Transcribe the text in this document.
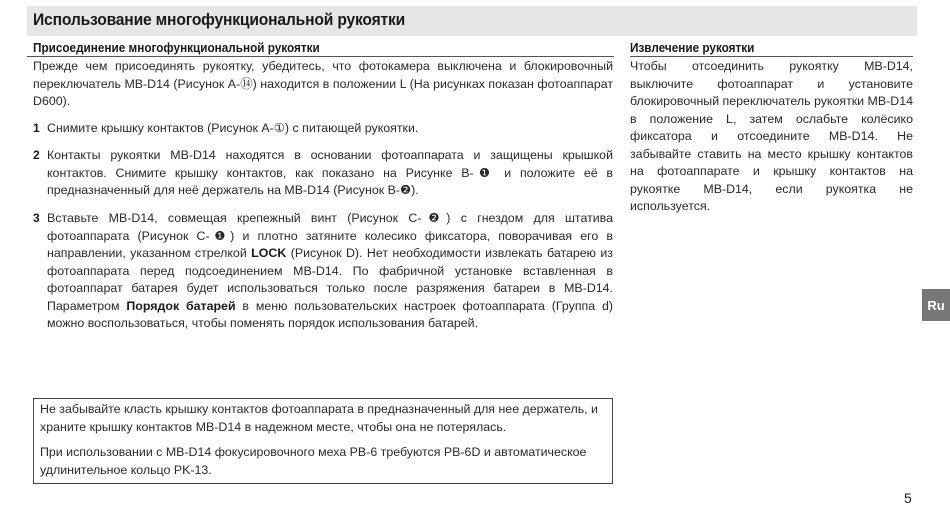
Использование многофункциональной рукоятки
Присоединение многофункциональной рукоятки

Прежде чем присоединять рукоятку, убедитесь, что фотокамера выключена и блокировочный переключатель MB-D14 (Рисунок A-⑭) находится в положении L (На рисунках показан фотоаппарат D600).

1 Снимите крышку контактов (Рисунок A-①) с питающей рукоятки.

2 Контакты рукоятки MB-D14 находятся в основании фотоаппарата и защищены крышкой контактов. Снимите крышку контактов, как показано на Рисунке B-❶ и положите её в предназначенный для неё держатель на MB-D14 (Рисунок B-❷).

3 Вставьте MB-D14, совмещая крепежный винт (Рисунок C-❷) с гнездом для штатива фотоаппарата (Рисунок C-❶) и плотно затяните колесико фиксатора, поворачивая его в направлении, указанном стрелкой LOCK (Рисунок D). Нет необходимости извлекать батарею из фотоаппарата перед подсоединением MB-D14. По фабричной устанoвке вставленная в фотоаппарат батарея будет использоваться только после разряжения батареи в MB-D14. Параметром Порядок батарей в меню пользовательских настроек фотоаппарата (Группа d) можно воспользоваться, чтобы поменять порядок использования батарей.

Не забывайте класть крышку контактов фотоаппарата в предназначенный для нее держатель, и храните крышку контактов MB-D14 в надежном месте, чтобы она не потерялась.

При использовании с MB-D14 фокусировочного меха PB-6 требуются PB-6D и автоматическое удлинительное кольцо PK-13.

Извлечение рукоятки

Чтобы отсоединить рукоятку MB-D14, выключите фотоаппарат и установите блокировочный переключатель рукоятки MB-D14 в положение L, затем ослабьте колёсико фиксатора и отсоедините MB-D14. Не забывайте ставить на место крышку контактов на фотоаппарате и крышку контактов на рукоятке MB-D14, если рукоятка не используется.

Ru
5
